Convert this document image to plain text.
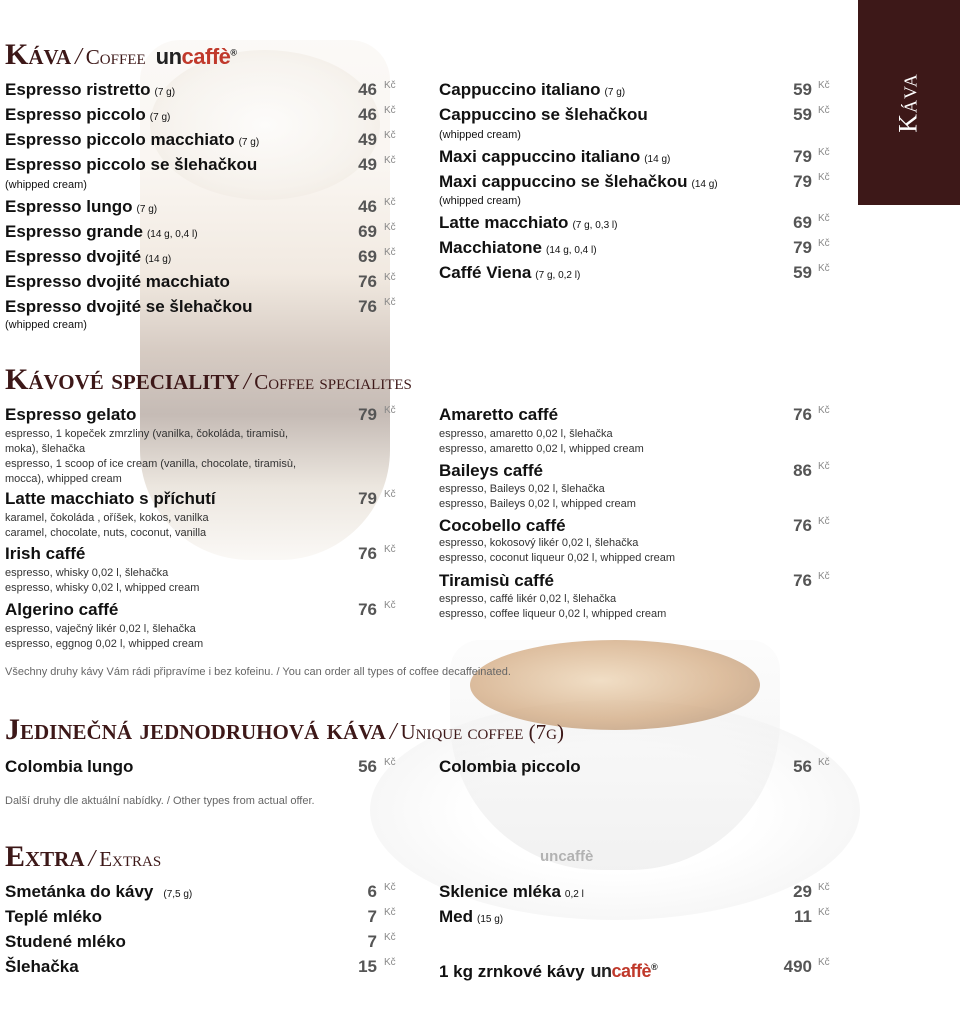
uncaffè
Káva
Káva / Coffee uncaffè®
Kávové speciality / Coffee specialites
Jedinečná jednodruhová káva / Unique coffee (7g)
Extra / Extras
Espresso ristretto (7 g)	46 Kč
Espresso piccolo (7 g)	46 Kč
Espresso piccolo macchiato (7 g)	49 Kč
Espresso piccolo se šlehačkou	49 Kč
(whipped cream)
Espresso lungo (7 g)	46 Kč
Espresso grande (14 g, 0,4 l)	69 Kč
Espresso dvojité (14 g)	69 Kč
Espresso dvojité macchiato	76 Kč
Espresso dvojité se šlehačkou	76 Kč
(whipped cream)
Cappuccino italiano (7 g)	59 Kč
Cappuccino se šlehačkou	59 Kč
(whipped cream)
Maxi cappuccino italiano (14 g)	79 Kč
Maxi cappuccino se šlehačkou (14 g)	79 Kč
(whipped cream)
Latte macchiato (7 g, 0,3 l)	69 Kč
Macchiatone (14 g, 0,4 l)	79 Kč
Caffé Viena (7 g, 0,2 l)	59 Kč
Espresso gelato	79 Kč
espresso, 1 kopeček zmrzliny (vanilka, čokoláda, tiramisù,
moka), šlehačka
espresso, 1 scoop of ice cream (vanilla, chocolate, tiramisù,
mocca), whipped cream
Latte macchiato s příchutí	79 Kč
karamel, čokoláda , oříšek, kokos, vanilka
caramel, chocolate, nuts, coconut, vanilla
Irish caffé	76 Kč
espresso, whisky 0,02 l, šlehačka
espresso, whisky 0,02 l, whipped cream
Algerino caffé	76 Kč
espresso, vaječný likér 0,02 l, šlehačka
espresso, eggnog 0,02 l, whipped cream
Amaretto caffé	76 Kč
espresso, amaretto 0,02 l, šlehačka
espresso, amaretto 0,02 l, whipped cream
Baileys caffé	86 Kč
espresso, Baileys 0,02 l, šlehačka
espresso, Baileys 0,02 l, whipped cream
Cocobello caffé	76 Kč
espresso, kokosový likér 0,02 l, šlehačka
espresso, coconut liqueur 0,02 l, whipped cream
Tiramisù caffé	76 Kč
espresso, caffé likér 0,02 l, šlehačka
espresso, coffee liqueur 0,02 l, whipped cream
Všechny druhy kávy Vám rádi připravíme i bez kofeinu. / You can order all types of coffee decaffeinated.
Colombia lungo	56 Kč	Colombia piccolo	56 Kč
Další druhy dle aktuální nabídky. / Other types from actual offer.
Smetánka do kávy (7,5 g)	6 Kč
Teplé mléko	7 Kč
Studené mléko	7 Kč
Šlehačka	15 Kč
Sklenice mléka 0,2 l	29 Kč
Med (15 g)	11 Kč
1 kg zrnkové kávy uncaffè®	490 Kč
